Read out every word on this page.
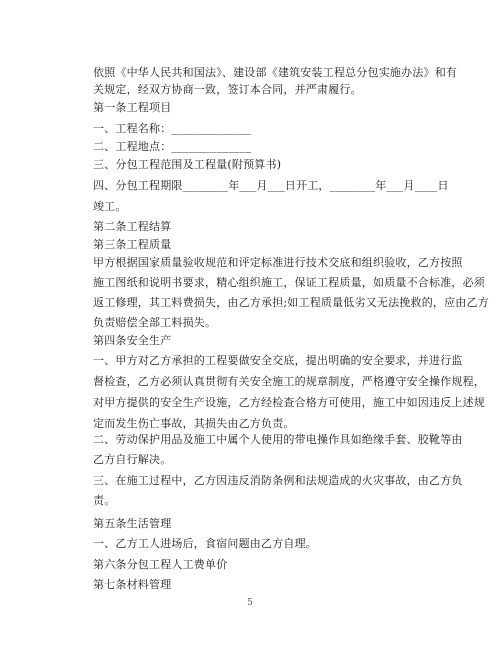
依照《中华人民共和国法》、建设部《建筑安装工程总分包实施办法》和有
关规定，经双方协商一致，签订本合同，并严肃履行。
第一条工程项目
一、工程名称：______________
二、工程地点：______________
三、分包工程范围及工程量(附预算书)
四、分包工程期限________年___月___日开工，________年___月____日
竣工。
第二条工程结算
第三条工程质量
甲方根据国家质量验收规范和评定标准进行技术交底和组织验收，乙方按照
施工图纸和说明书要求，精心组织施工，保证工程质量，如质量不合标准，必须
返工修理，其工料费损失，由乙方承担;如工程质量低劣又无法挽救的，应由乙方
负责赔偿全部工料损失。
第四条安全生产
一、甲方对乙方承担的工程要做安全交底，提出明确的安全要求，并进行监
督检查，乙方必须认真贯彻有关安全施工的规章制度，严格遵守安全操作规程，
对甲方提供的安全生产设施，乙方经检查合格方可使用，施工中如因违反上述规
定而发生伤亡事故，其损失由乙方负责。
二、劳动保护用品及施工中属个人使用的带电操作具如绝缘手套、胶靴等由
乙方自行解决。
三、在施工过程中，乙方因违反消防条例和法规造成的火灾事故，由乙方负
责。
第五条生活管理
一、乙方工人进场后，食宿问题由乙方自理。
第六条分包工程人工费单价
第七条材料管理
5
